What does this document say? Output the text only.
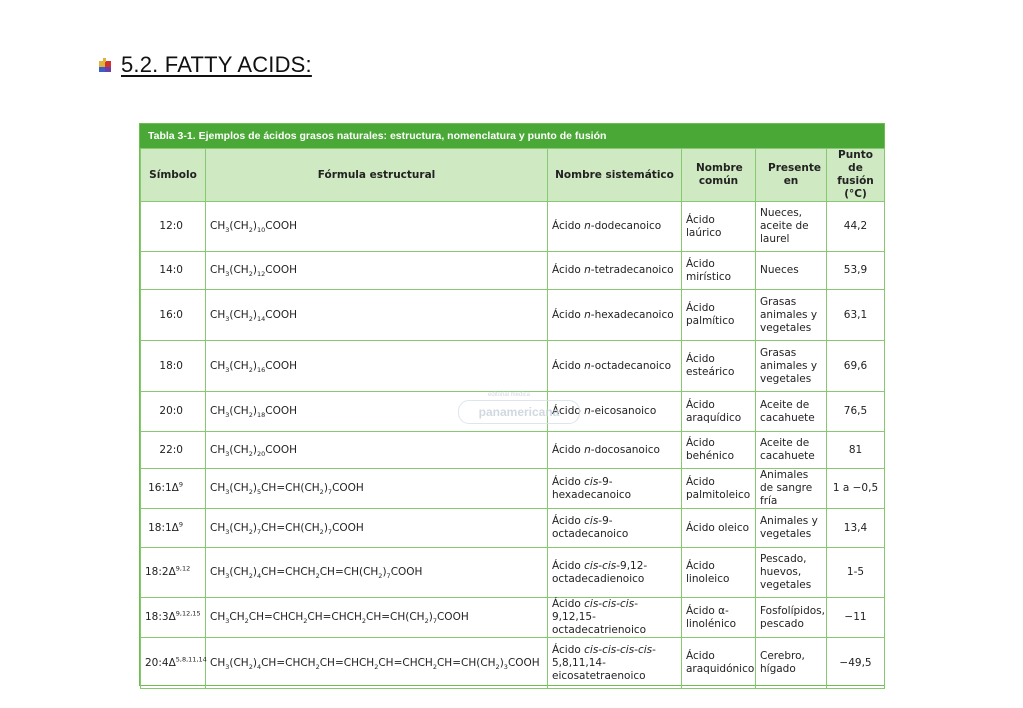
5.2. FATTY ACIDS:
Tabla 3-1. Ejemplos de ácidos grasos naturales: estructura, nomenclatura y punto de fusión
Símbolo	Fórmula estructural	Nombre sistemático	Nombre común	Presente en	Punto de fusión (°C)
12:0	$CH_3(CH_2)_{10}COOH$	Ácido n-dodecanoico	Ácido laúrico	Nueces, aceite de laurel	44,2
14:0	$CH_3(CH_2)_{12}COOH$	Ácido n-tetradecanoico	Ácido mirístico	Nueces	53,9
16:0	$CH_3(CH_2)_{14}COOH$	Ácido n-hexadecanoico	Ácido palmítico	Grasas animales y vegetales	63,1
18:0	$CH_3(CH_2)_{16}COOH$	Ácido n-octadecanoico	Ácido esteárico	Grasas animales y vegetales	69,6
20:0	$CH_3(CH_2)_{18}COOH$	Ácido n-eicosanoico	Ácido araquídico	Aceite de cacahuete	76,5
22:0	$CH_3(CH_2)_{20}COOH$	Ácido n-docosanoico	Ácido behénico	Aceite de cacahuete	81
$16:1\Delta^9$	$CH_3(CH_2)_5CH=CH(CH_2)_7COOH$	Ácido cis-9-hexadecanoico	Ácido palmitoleico	Animales de sangre fría	1 a −0,5
$18:1\Delta^9$	$CH_3(CH_2)_7CH=CH(CH_2)_7COOH$	Ácido cis-9-octadecanoico	Ácido oleico	Animales y vegetales	13,4
$18:2\Delta^{9,12}$	$CH_3(CH_2)_4CH=CHCH_2CH=CH(CH_2)_7COOH$	Ácido cis-cis-9,12-octadecadienoico	Ácido linoleico	Pescado, huevos, vegetales	1-5
$18:3\Delta^{9,12,15}$	$CH_3CH_2CH=CHCH_2CH=CHCH_2CH=CH(CH_2)_7COOH$	Ácido cis-cis-cis-9,12,15-octadecatrienoico	Ácido α-linolénico	Fosfolípidos, pescado	−11
$20:4\Delta^{5,8,11,14}$	$CH_3(CH_2)_4CH=CHCH_2CH=CHCH_2CH=CHCH_2CH=CH(CH_2)_3COOH$	Ácido cis-cis-cis-cis-5,8,11,14-eicosatetraenoico	Ácido araquidónico	Cerebro, hígado	−49,5
editorial medica
panamericana
